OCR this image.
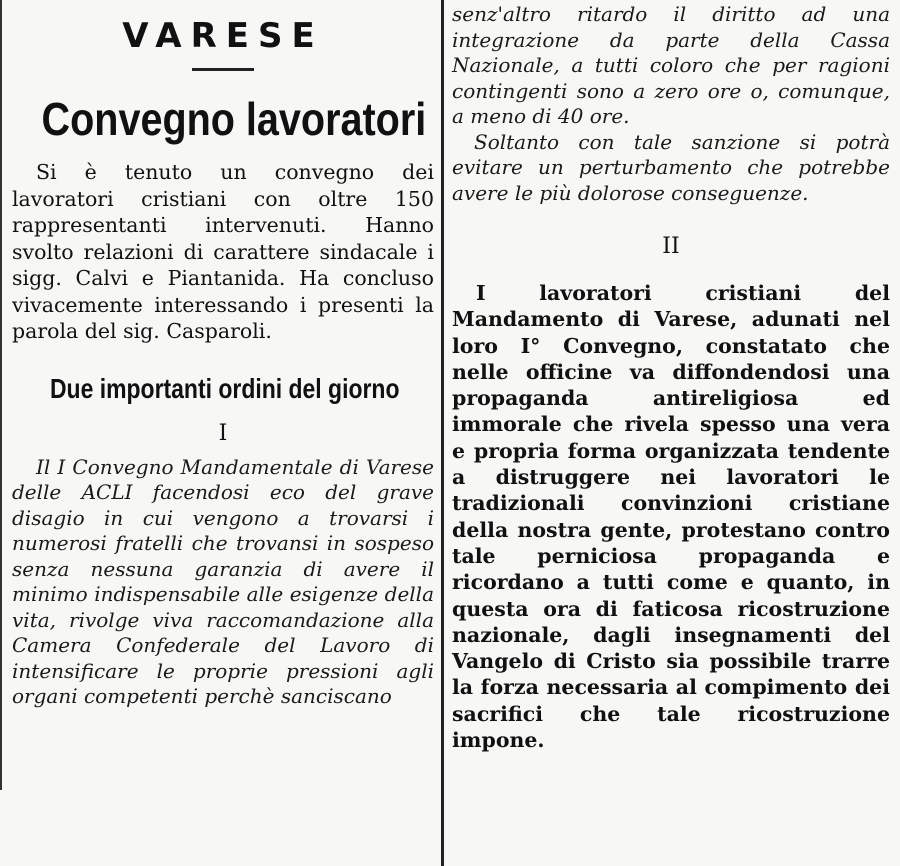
VARESE
Convegno lavoratori
Si è tenuto un convegno dei lavoratori cristiani con oltre 150 rappresentanti intervenuti. Hanno svolto relazioni di carattere sindacale i sigg. Calvi e Piantanida. Ha concluso vivacemente interessando i presenti la parola del sig. Casparoli.
Due importanti ordini del giorno
I
Il I Convegno Mandamentale di Varese delle ACLI facendosi eco del grave disagio in cui vengono a trovarsi i numerosi fratelli che trovansi in sospeso senza nessuna garanzia di avere il minimo indispensabile alle esigenze della vita, rivolge viva raccomandazione alla Camera Confederale del Lavoro di intensificare le proprie pressioni agli organi competenti perchè sanciscano

senz'altro ritardo il diritto ad una integrazione da parte della Cassa Nazionale, a tutti coloro che per ragioni contingenti sono a zero ore o, comunque, a meno di 40 ore.

Soltanto con tale sanzione si potrà evitare un perturbamento che potrebbe avere le più dolorose conseguenze.

II
I lavoratori cristiani del Mandamento di Varese, adunati nel loro I° Convegno, constatato che nelle officine va diffondendosi una propaganda antireligiosa ed immorale che rivela spesso una vera e propria forma organizzata tendente a distruggere nei lavoratori le tradizionali convinzioni cristiane della nostra gente, protestano contro tale perniciosa propaganda e ricordano a tutti come e quanto, in questa ora di faticosa ricostruzione nazionale, dagli insegnamenti del Vangelo di Cristo sia possibile trarre la forza necessaria al compimento dei sacrifici che tale ricostruzione impone.
